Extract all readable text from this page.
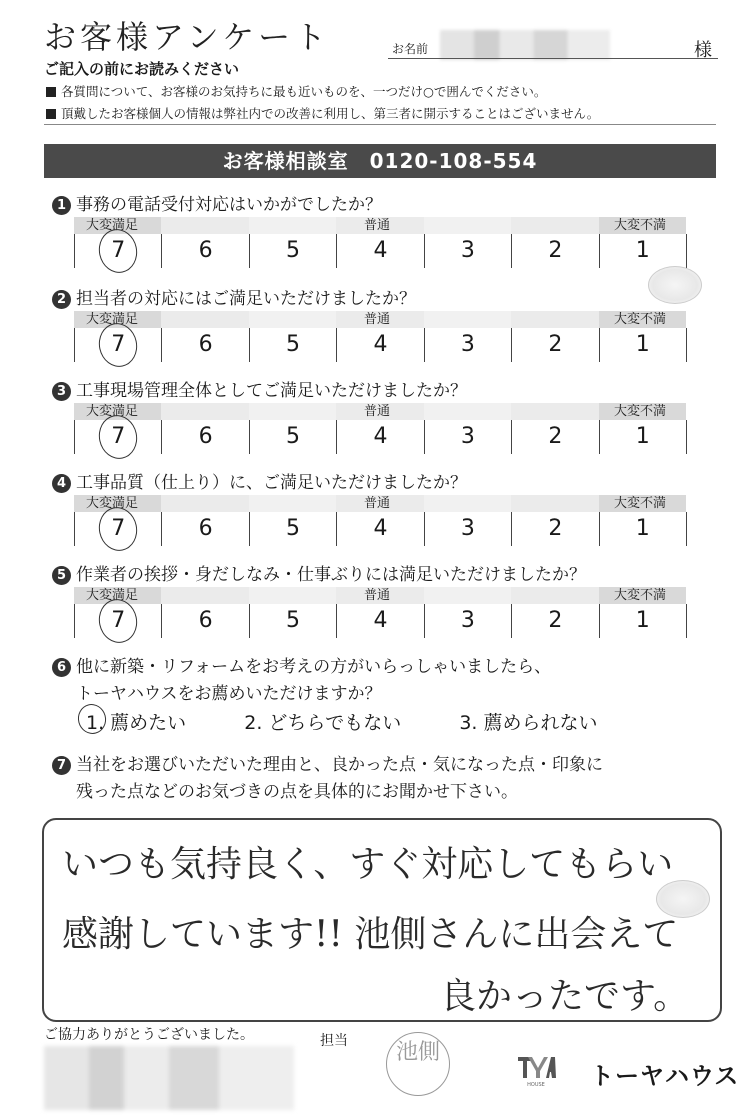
お客様アンケート	お名前	様
ご記入の前にお読みください
各質問について、お客様のお気持ちに最も近いものを、一つだけ○で囲んでください。
頂戴したお客様個人の情報は弊社内での改善に利用し、第三者に開示することはございません。
お客様相談室　0120-108-554
1 事務の電話受付対応はいかがでしたか？
7	6	5	4	3	2	1
大変満足	普通	大変不満
2 担当者の対応にはご満足いただけましたか？
7	6	5	4	3	2	1
大変満足	普通	大変不満
3 工事現場管理全体としてご満足いただけましたか？
7	6	5	4	3	2	1
大変満足	普通	大変不満
4 工事品質（仕上り）に、ご満足いただけましたか？
7	6	5	4	3	2	1
大変満足	普通	大変不満
5 作業者の挨拶・身だしなみ・仕事ぶりには満足いただけましたか？
7	6	5	4	3	2	1
大変満足	普通	大変不満
6 他に新築・リフォームをお考えの方がいらっしゃいましたら、
トーヤハウスをお薦めいただけますか？
1. 薦めたい	2. どちらでもない	3. 薦められない
7 当社をお選びいただいた理由と、良かった点・気になった点・印象に
残った点などのお気づきの点を具体的にお聞かせ下さい。
いつも気持良く、すぐ対応してもらい
感謝しています!! 池側さんに出会えて
良かったです。
ご協力ありがとうございました。	担当	池側
HOUSE トーヤハウス
